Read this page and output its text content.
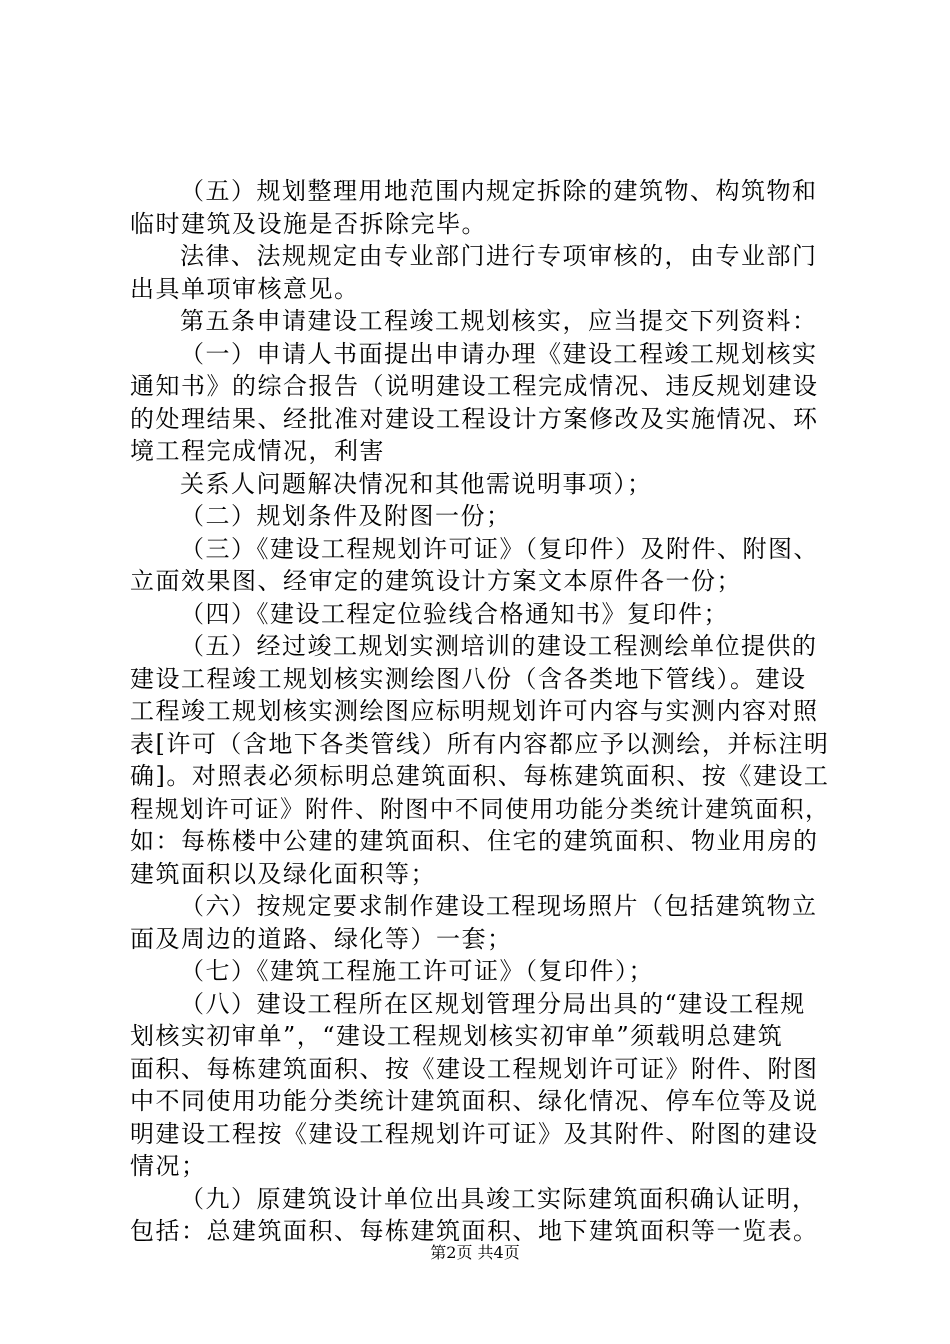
（五）规划整理用地范围内规定拆除的建筑物、构筑物和
临时建筑及设施是否拆除完毕。
法律、法规规定由专业部门进行专项审核的，由专业部门
出具单项审核意见。
第五条申请建设工程竣工规划核实，应当提交下列资料：
（一）申请人书面提出申请办理《建设工程竣工规划核实
通知书》的综合报告（说明建设工程完成情况、违反规划建设
的处理结果、经批准对建设工程设计方案修改及实施情况、环
境工程完成情况，利害
关系人问题解决情况和其他需说明事项）；
（二）规划条件及附图一份；
（三）《建设工程规划许可证》（复印件）及附件、附图、
立面效果图、经审定的建筑设计方案文本原件各一份；
（四）《建设工程定位验线合格通知书》复印件；
（五）经过竣工规划实测培训的建设工程测绘单位提供的
建设工程竣工规划核实测绘图八份（含各类地下管线）。建设
工程竣工规划核实测绘图应标明规划许可内容与实测内容对照
表[许可（含地下各类管线）所有内容都应予以测绘，并标注明
确]。对照表必须标明总建筑面积、每栋建筑面积、按《建设工
程规划许可证》附件、附图中不同使用功能分类统计建筑面积，
如：每栋楼中公建的建筑面积、住宅的建筑面积、物业用房的
建筑面积以及绿化面积等；
（六）按规定要求制作建设工程现场照片（包括建筑物立
面及周边的道路、绿化等）一套；
（七）《建筑工程施工许可证》（复印件）；
（八）建设工程所在区规划管理分局出具的“建设工程规
划核实初审单”，“建设工程规划核实初审单”须载明总建筑
面积、每栋建筑面积、按《建设工程规划许可证》附件、附图
中不同使用功能分类统计建筑面积、绿化情况、停车位等及说
明建设工程按《建设工程规划许可证》及其附件、附图的建设
情况；
（九）原建筑设计单位出具竣工实际建筑面积确认证明，
包括：总建筑面积、每栋建筑面积、地下建筑面积等一览表。
第2页 共4页
